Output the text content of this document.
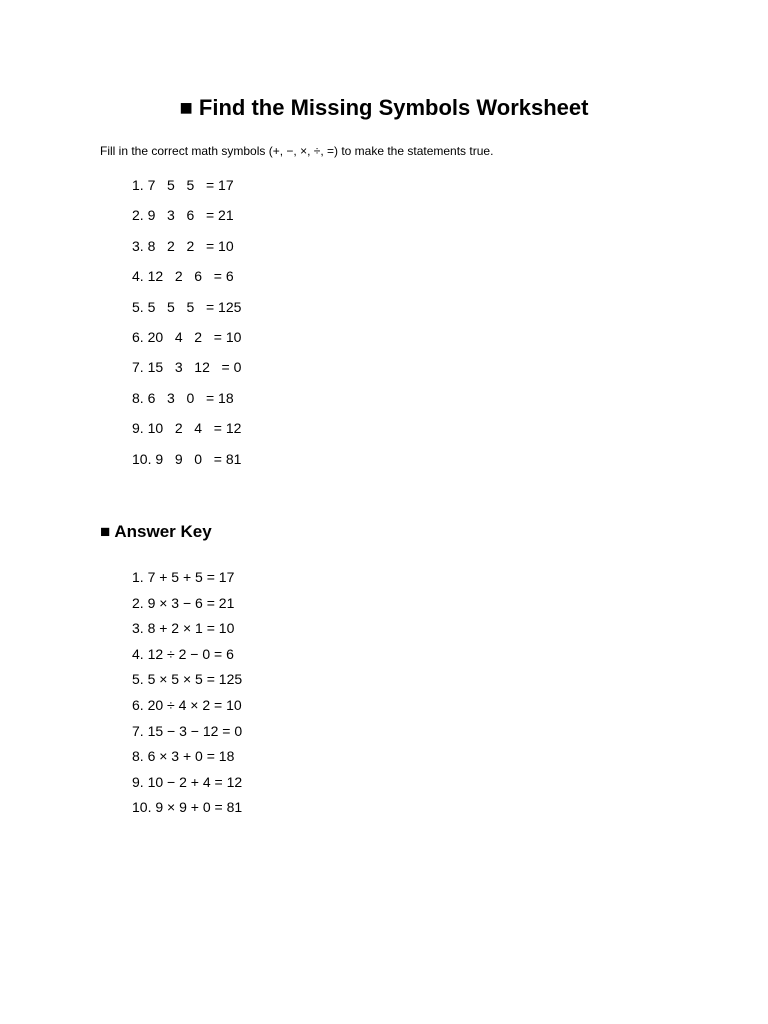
■ Find the Missing Symbols Worksheet
Fill in the correct math symbols (+, −, ×, ÷, =) to make the statements true.
1. 7 5 5 = 17
2. 9 3 6 = 21
3. 8 2 2 = 10
4. 12 2 6 = 6
5. 5 5 5 = 125
6. 20 4 2 = 10
7. 15 3 12 = 0
8. 6 3 0 = 18
9. 10 2 4 = 12
10. 9 9 0 = 81
■ Answer Key
1. 7 + 5 + 5 = 17
2. 9 × 3 − 6 = 21
3. 8 + 2 × 1 = 10
4. 12 ÷ 2 − 0 = 6
5. 5 × 5 × 5 = 125
6. 20 ÷ 4 × 2 = 10
7. 15 − 3 − 12 = 0
8. 6 × 3 + 0 = 18
9. 10 − 2 + 4 = 12
10. 9 × 9 + 0 = 81
